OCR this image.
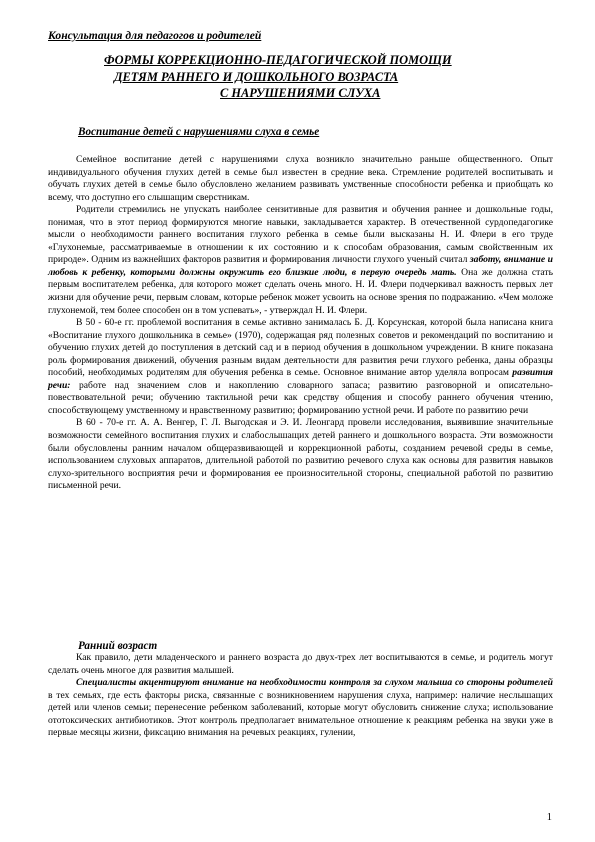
Консультация для педагогов и родителей

ФОРМЫ КОРРЕКЦИОННО-ПЕДАГОГИЧЕСКОЙ ПОМОЩИ
ДЕТЯМ РАННЕГО И ДОШКОЛЬНОГО ВОЗРАСТА
С НАРУШЕНИЯМИ СЛУХА
Воспитание детей с нарушениями слуха в семье

Семейное воспитание детей с нарушениями слуха возникло значительно раньше общественного. Опыт индивидуального обучения глухих детей в семье был известен в средние века. Стремление родителей воспитывать и обучать глухих детей в семье было обусловлено желанием развивать умственные способности ребенка и приобщать ко всему, что доступно его слышащим сверстникам.

Родители стремились не упускать наиболее сензитивные для развития и обучения раннее и дошкольные годы, понимая, что в этот период формируются многие навыки, закладывается характер. В отечественной сурдопедагогике мысли о необходимости раннего воспитания глухого ребенка в семье были высказаны Н. И. Флери в его труде «Глухонемые, рассматриваемые в отношении к их состоянию и к способам образования, самым свойственным их природе». Одним из важнейших факторов развития и формирования личности глухого ученый считал заботу, внимание и любовь к ребенку, которыми должны окружить его близкие люди, в первую очередь мать. Она же должна стать первым воспитателем ребенка, для которого может сделать очень много. Н. И. Флери подчеркивал важность первых лет жизни для обучение речи, первым словам, которые ребенок может усвоить на основе зрения по подражанию. «Чем моложе глухонемой, тем более способен он в том успевать», - утверждал Н. И. Флери.

В 50 - 60-е гг. проблемой воспитания в семье активно занималась Б. Д. Корсунская, которой была написана книга «Воспитание глухого дошкольника в семье» (1970), содержащая ряд полезных советов и рекомендаций по воспитанию и обучению глухих детей до поступления в детский сад и в период обучения в дошкольном учреждении. В книге показана роль формирования движений, обучения разным видам деятельности для развития речи глухого ребенка, даны образцы пособий, необходимых родителям для обучения ребенка в семье. Основное внимание автор уделяла вопросам развития речи: работе над значением слов и накоплению словарного запаса; развитию разговорной и описательно-повествовательной речи; обучению тактильной речи как средству общения и способу раннего обучения чтению, способствующему умственному и нравственному развитию; формированию устной речи. И работе по развитию речи

В 60 - 70-е гг. А. А. Венгер, Г. Л. Выгодская и Э. И. Леонгард провели исследования, выявившие значительные возможности семейного воспитания глухих и слабослышащих детей раннего и дошкольного возраста. Эти возможности были обусловлены ранним началом общеразвивающей и коррекционной работы, созданием речевой среды в семье, использованием слуховых аппаратов, длительной работой по развитию речевого слуха как основы для развития навыков слухо-зрительного восприятия речи и формирования ее произносительной стороны, специальной работой по развитию письменной речи.

Ранний возраст

Как правило, дети младенческого и раннего возраста до двух-трех лет воспитываются в семье, и родитель могут сделать очень многое для развития малышей.

Специалисты акцентируют внимание на необходимости контроля за слухом малыша со стороны родителей в тех семьях, где есть факторы риска, связанные с возникновением нарушения слуха, например: наличие неслышащих детей или членов семьи; перенесение ребенком заболеваний, которые могут обусловить снижение слуха; использование ототоксических антибиотиков. Этот контроль предполагает внимательное отношение к реакциям ребенка на звуки уже в первые месяцы жизни, фиксацию внимания на речевых реакциях, гулении,

1
